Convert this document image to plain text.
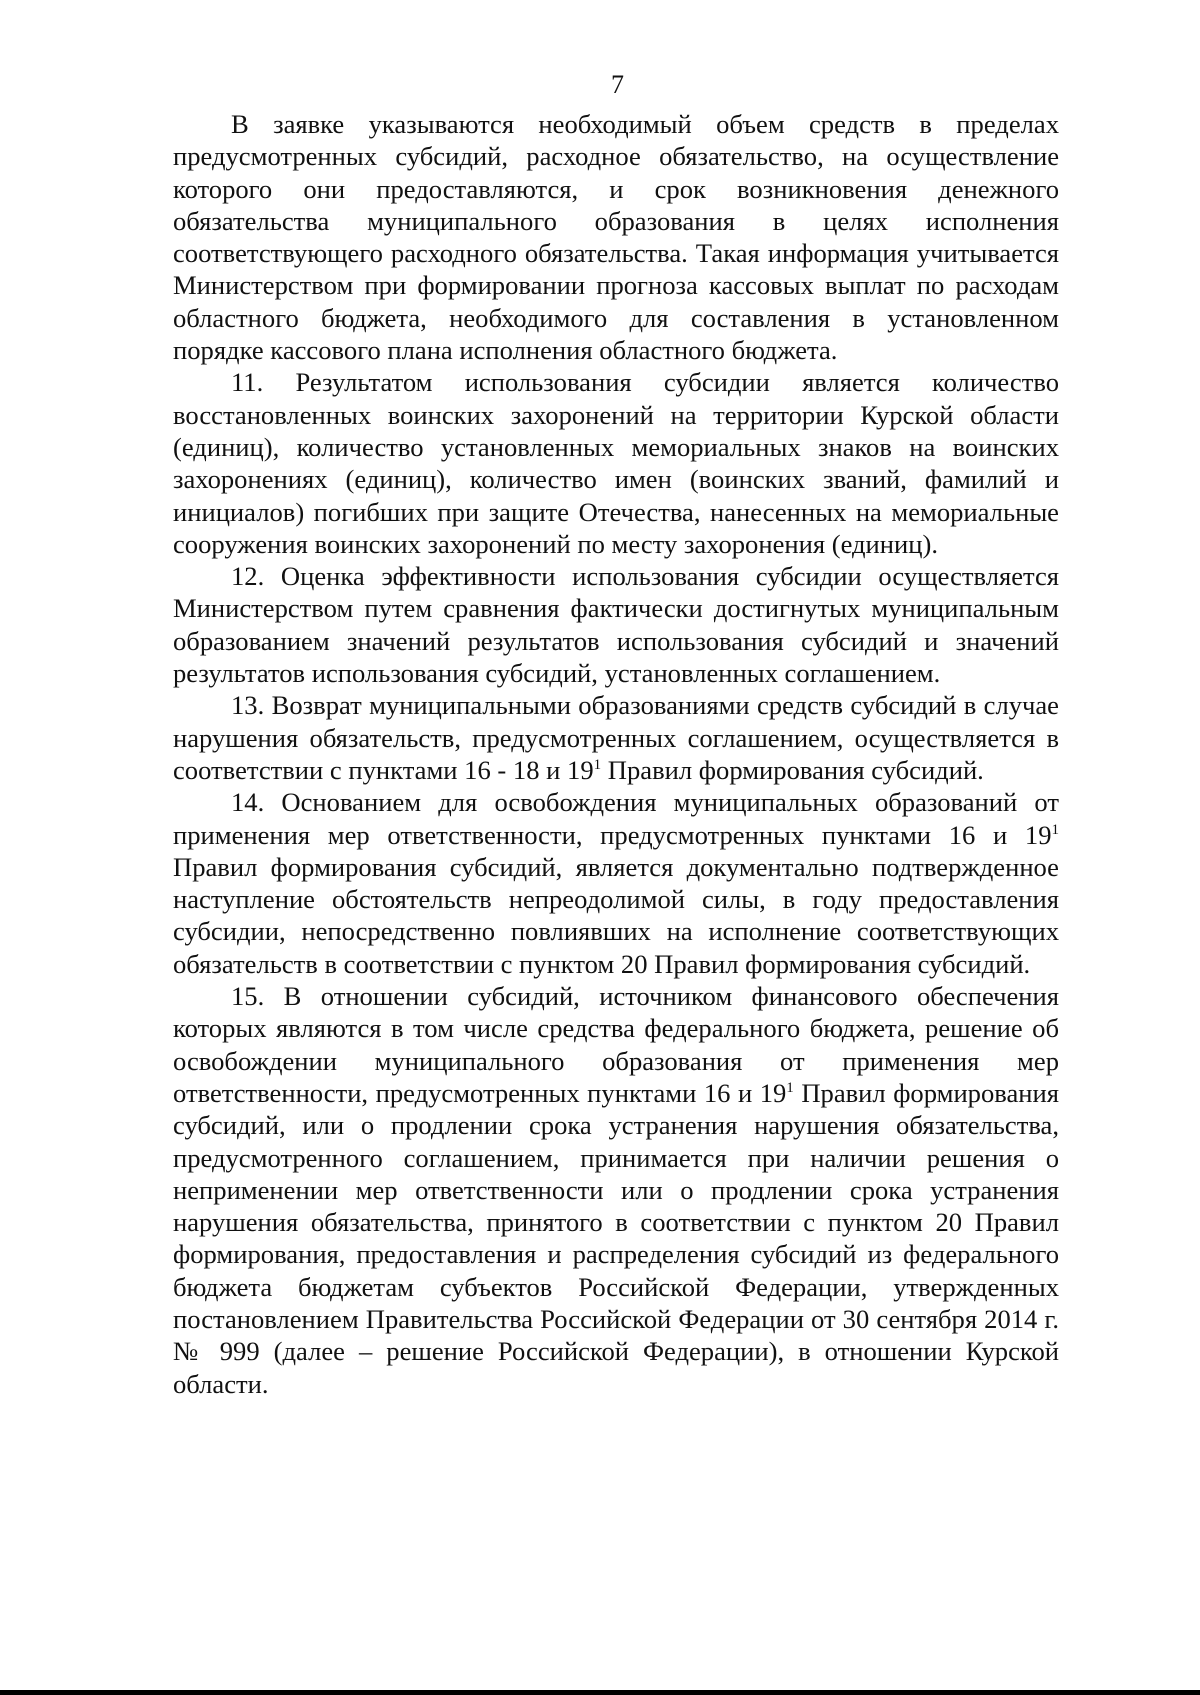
7

В заявке указываются необходимый объем средств в пределах предусмотренных субсидий, расходное обязательство, на осуществление которого они предоставляются, и срок возникновения денежного обязательства муниципального образования в целях исполнения соответствующего расходного обязательства. Такая информация учитывается Министерством при формировании прогноза кассовых выплат по расходам областного бюджета, необходимого для составления в установленном порядке кассового плана исполнения областного бюджета.

11. Результатом использования субсидии является количество восстановленных воинских захоронений на территории Курской области (единиц), количество установленных мемориальных знаков на воинских захоронениях (единиц), количество имен (воинских званий, фамилий и инициалов) погибших при защите Отечества, нанесенных на мемориальные сооружения воинских захоронений по месту захоронения (единиц).

12. Оценка эффективности использования субсидии осуществляется Министерством путем сравнения фактически достигнутых муниципальным образованием значений результатов использования субсидий и значений результатов использования субсидий, установленных соглашением.

13. Возврат муниципальными образованиями средств субсидий в случае нарушения обязательств, предусмотренных соглашением, осуществляется в соответствии с пунктами 16 - 18 и $19^1$ Правил формирования субсидий.

14. Основанием для освобождения муниципальных образований от применения мер ответственности, предусмотренных пунктами 16 и $19^1$ Правил формирования субсидий, является документально подтвержденное наступление обстоятельств непреодолимой силы, в году предоставления субсидии, непосредственно повлиявших на исполнение соответствующих обязательств в соответствии с пунктом 20 Правил формирования субсидий.

15. В отношении субсидий, источником финансового обеспечения которых являются в том числе средства федерального бюджета, решение об освобождении муниципального образования от применения мер ответственности, предусмотренных пунктами 16 и $19^1$ Правил формирования субсидий, или о продлении срока устранения нарушения обязательства, предусмотренного соглашением, принимается при наличии решения о неприменении мер ответственности или о продлении срока устранения нарушения обязательства, принятого в соответствии с пунктом 20 Правил формирования, предоставления и распределения субсидий из федерального бюджета бюджетам субъектов Российской Федерации, утвержденных постановлением Правительства Российской Федерации от 30 сентября 2014 г. № 999 (далее – решение Российской Федерации), в отношении Курской области.
